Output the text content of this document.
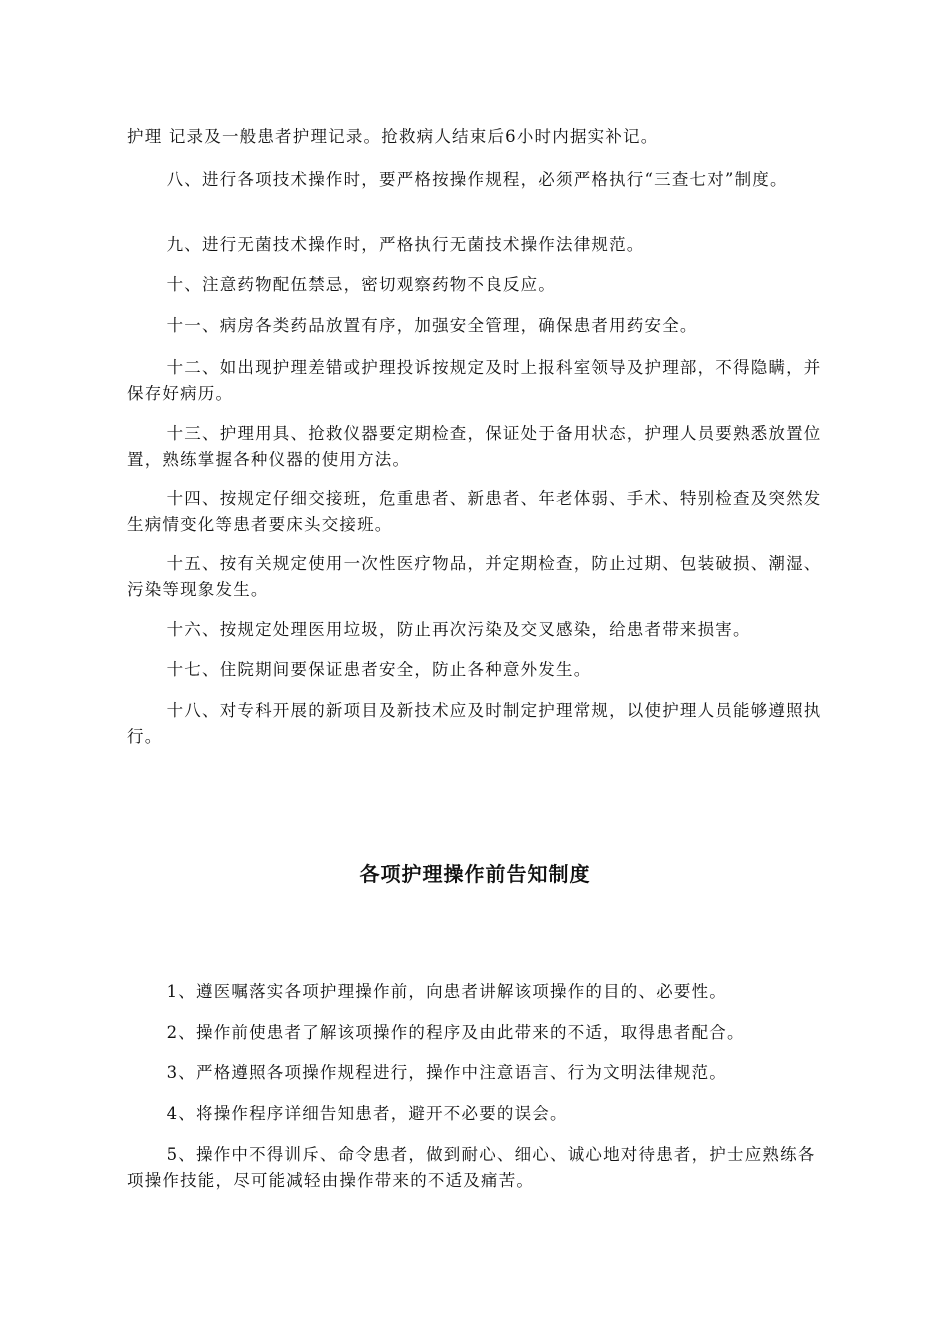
护理 记录及一般患者护理记录。抢救病人结束后6小时内据实补记。

八、进行各项技术操作时，要严格按操作规程，必须严格执行“三查七对”制度。

九、进行无菌技术操作时，严格执行无菌技术操作法律规范。

十、注意药物配伍禁忌，密切观察药物不良反应。

十一、病房各类药品放置有序，加强安全管理，确保患者用药安全。

十二、如出现护理差错或护理投诉按规定及时上报科室领导及护理部，不得隐瞒，并保存好病历。

十三、护理用具、抢救仪器要定期检查，保证处于备用状态，护理人员要熟悉放置位置，熟练掌握各种仪器的使用方法。

十四、按规定仔细交接班，危重患者、新患者、年老体弱、手术、特别检查及突然发生病情变化等患者要床头交接班。

十五、按有关规定使用一次性医疗物品，并定期检查，防止过期、包装破损、潮湿、污染等现象发生。

十六、按规定处理医用垃圾，防止再次污染及交叉感染，给患者带来损害。

十七、住院期间要保证患者安全，防止各种意外发生。

十八、对专科开展的新项目及新技术应及时制定护理常规，以使护理人员能够遵照执行。

各项护理操作前告知制度

1、遵医嘱落实各项护理操作前，向患者讲解该项操作的目的、必要性。

2、操作前使患者了解该项操作的程序及由此带来的不适，取得患者配合。

3、严格遵照各项操作规程进行，操作中注意语言、行为文明法律规范。

4、将操作程序详细告知患者，避开不必要的误会。

5、操作中不得训斥、命令患者，做到耐心、细心、诚心地对待患者，护士应熟练各项操作技能，尽可能减轻由操作带来的不适及痛苦。
